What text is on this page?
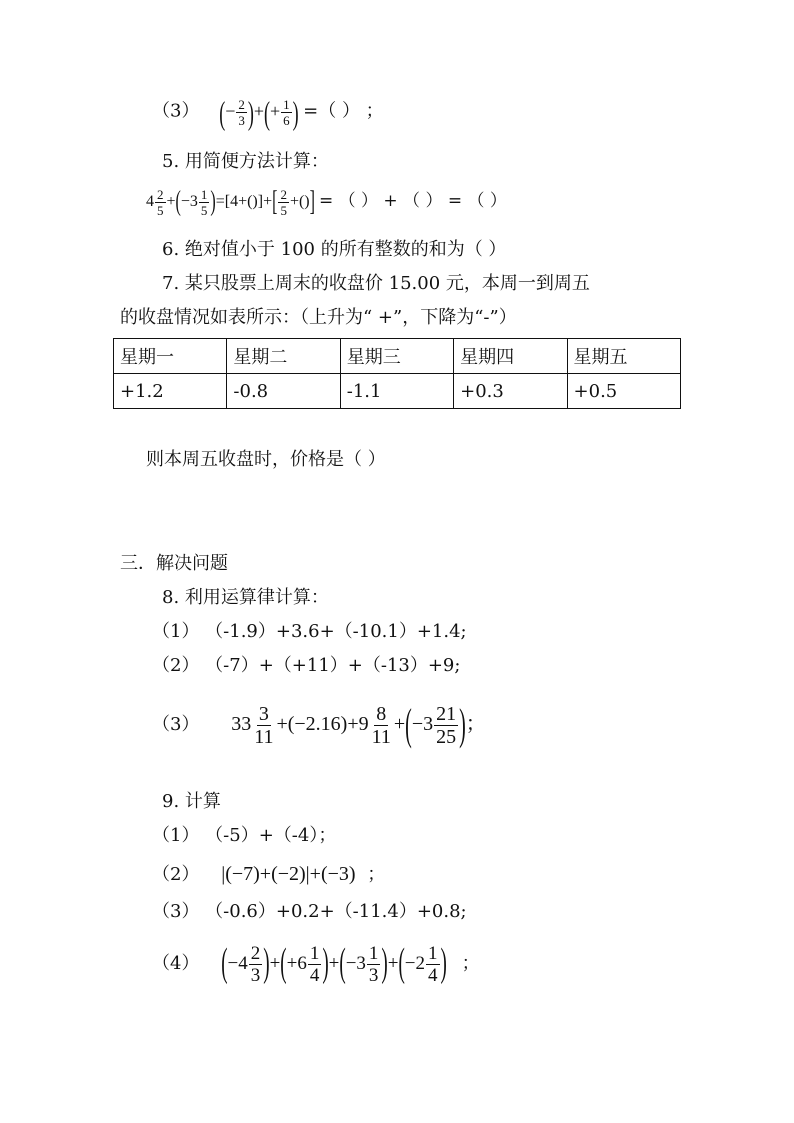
（3） (− $\frac{2}{3}$ )+(+ $\frac{1}{6}$ ) =（ ） ；
5. 用简便方法计算：
$4 \frac{2}{5} +(-3 \frac{1}{5} )=[4+()]+[ \frac{2}{5}$ +()] = （ ） + （ ） = （ ）
6. 绝对值小于 100 的所有整数的和为（ ）
7. 某只股票上周末的收盘价 15.00 元，本周一到周五
的收盘情况如表所示：（上升为“ +”，下降为“-”）
星期一	星期二	星期三	星期四	星期五
+1.2	-0.8	-1.1	+0.3	+0.5
则本周五收盘时，价格是（ ）
三．解决问题
8. 利用运算律计算：
（1） （-1.9）+3.6+（-10.1）+1.4;
（2） （-7）+（+11）+（-13）+9;
（3） $33 \frac{3}{11} +(-2.16)+9 \frac{8}{11} +(-3 \frac{21}{25}$ )；
9. 计算
（1） （-5）+（-4）；
（2） |(−7)+(−2)|+(−3) ；
（3） （-0.6）+0.2+（-11.4）+0.8;
（4） $(-4 \frac{2}{3} )+(+6 \frac{1}{4} )+(-3 \frac{1}{3} )+(-2 \frac{1}{4}$ ) ；
